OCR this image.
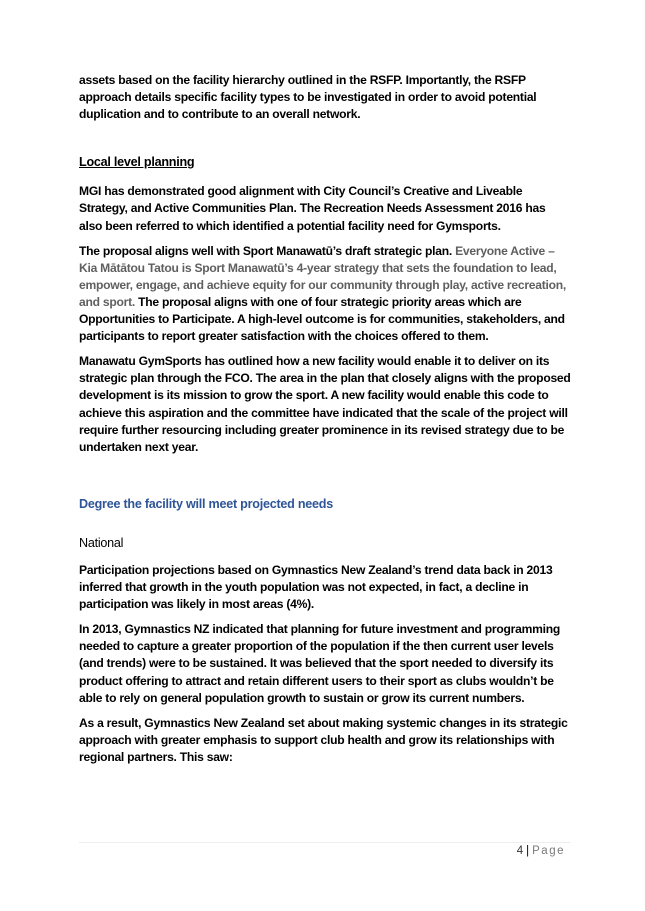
assets based on the facility hierarchy outlined in the RSFP. Importantly, the RSFP approach details specific facility types to be investigated in order to avoid potential duplication and to contribute to an overall network.

Local level planning

MGI has demonstrated good alignment with City Council’s Creative and Liveable Strategy, and Active Communities Plan. The Recreation Needs Assessment 2016 has also been referred to which identified a potential facility need for Gymsports.

The proposal aligns well with Sport Manawatū’s draft strategic plan. Everyone Active – Kia Mātātou Tatou is Sport Manawatū’s 4-year strategy that sets the foundation to lead, empower, engage, and achieve equity for our community through play, active recreation, and sport. The proposal aligns with one of four strategic priority areas which are Opportunities to Participate. A high-level outcome is for communities, stakeholders, and participants to report greater satisfaction with the choices offered to them.

Manawatu GymSports has outlined how a new facility would enable it to deliver on its strategic plan through the FCO. The area in the plan that closely aligns with the proposed development is its mission to grow the sport. A new facility would enable this code to achieve this aspiration and the committee have indicated that the scale of the project will require further resourcing including greater prominence in its revised strategy due to be undertaken next year.

Degree the facility will meet projected needs

National

Participation projections based on Gymnastics New Zealand’s trend data back in 2013 inferred that growth in the youth population was not expected, in fact, a decline in participation was likely in most areas (4%).

In 2013, Gymnastics NZ indicated that planning for future investment and programming needed to capture a greater proportion of the population if the then current user levels (and trends) were to be sustained. It was believed that the sport needed to diversify its product offering to attract and retain different users to their sport as clubs wouldn’t be able to rely on general population growth to sustain or grow its current numbers.

As a result, Gymnastics New Zealand set about making systemic changes in its strategic approach with greater emphasis to support club health and grow its relationships with regional partners. This saw:

4 | Page
